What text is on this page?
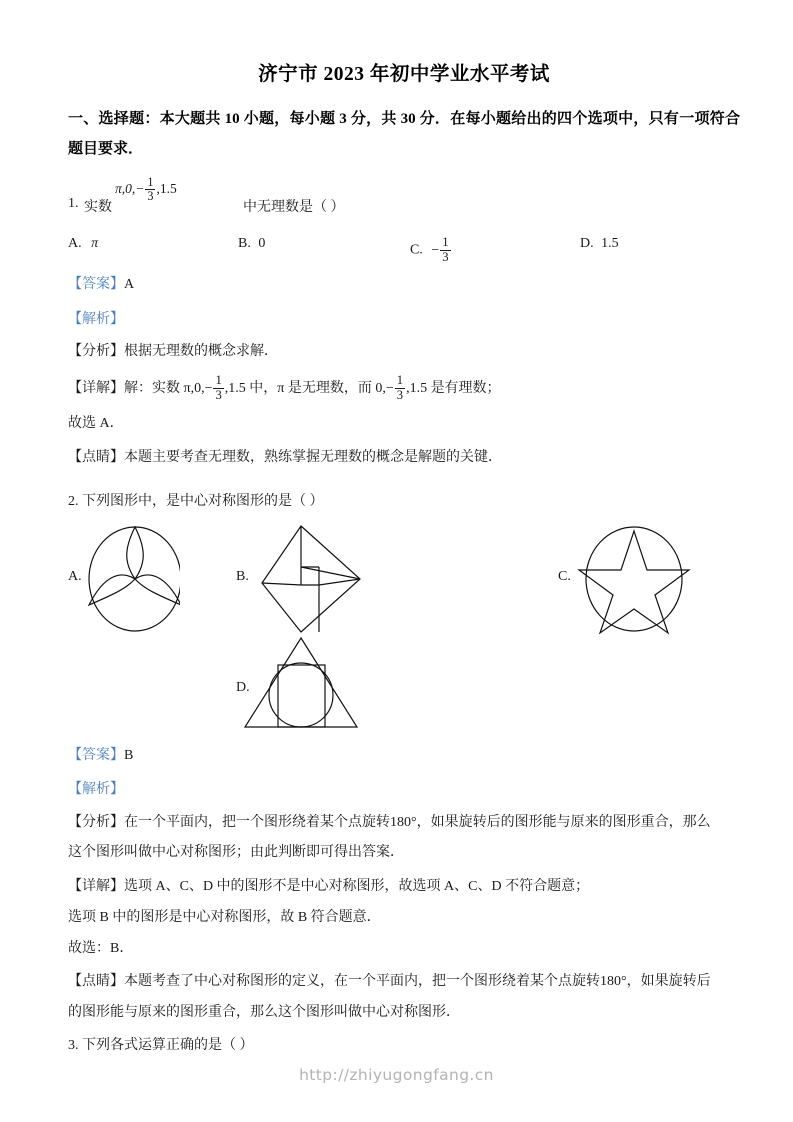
济宁市 2023 年初中学业水平考试
一、选择题：本大题共 10 小题，每小题 3 分，共 30 分．在每小题给出的四个选项中，只有一项符合题目要求．
1. 实数
$\pi,0,- \frac{1}{3} ,1.5$
中无理数是（ ）
A. π	B. 0	C. − $\frac{1}{3}$	D. 1.5
【答案】A
【解析】
【分析】根据无理数的概念求解．
【详解】解：实数 $\pi,0,- \frac{1}{3} ,1.5$ 中，π 是无理数，而 $0,- \frac{1}{3} ,1.5$ 是有理数；
故选 A．
【点睛】本题主要考查无理数，熟练掌握无理数的概念是解题的关键．
2. 下列图形中，是中心对称图形的是（ ）
A.	B.	C.
D.
【答案】B
【解析】
【分析】在一个平面内，把一个图形绕着某个点旋转180°，如果旋转后的图形能与原来的图形重合，那么
这个图形叫做中心对称图形；由此判断即可得出答案．
【详解】选项 A、C、D 中的图形不是中心对称图形，故选项 A、C、D 不符合题意；
选项 B 中的图形是中心对称图形，故 B 符合题意．
故选：B．
【点睛】本题考查了中心对称图形的定义，在一个平面内，把一个图形绕着某个点旋转180°，如果旋转后
的图形能与原来的图形重合，那么这个图形叫做中心对称图形．
3. 下列各式运算正确的是（ ）
http://zhiyugongfang.cn
